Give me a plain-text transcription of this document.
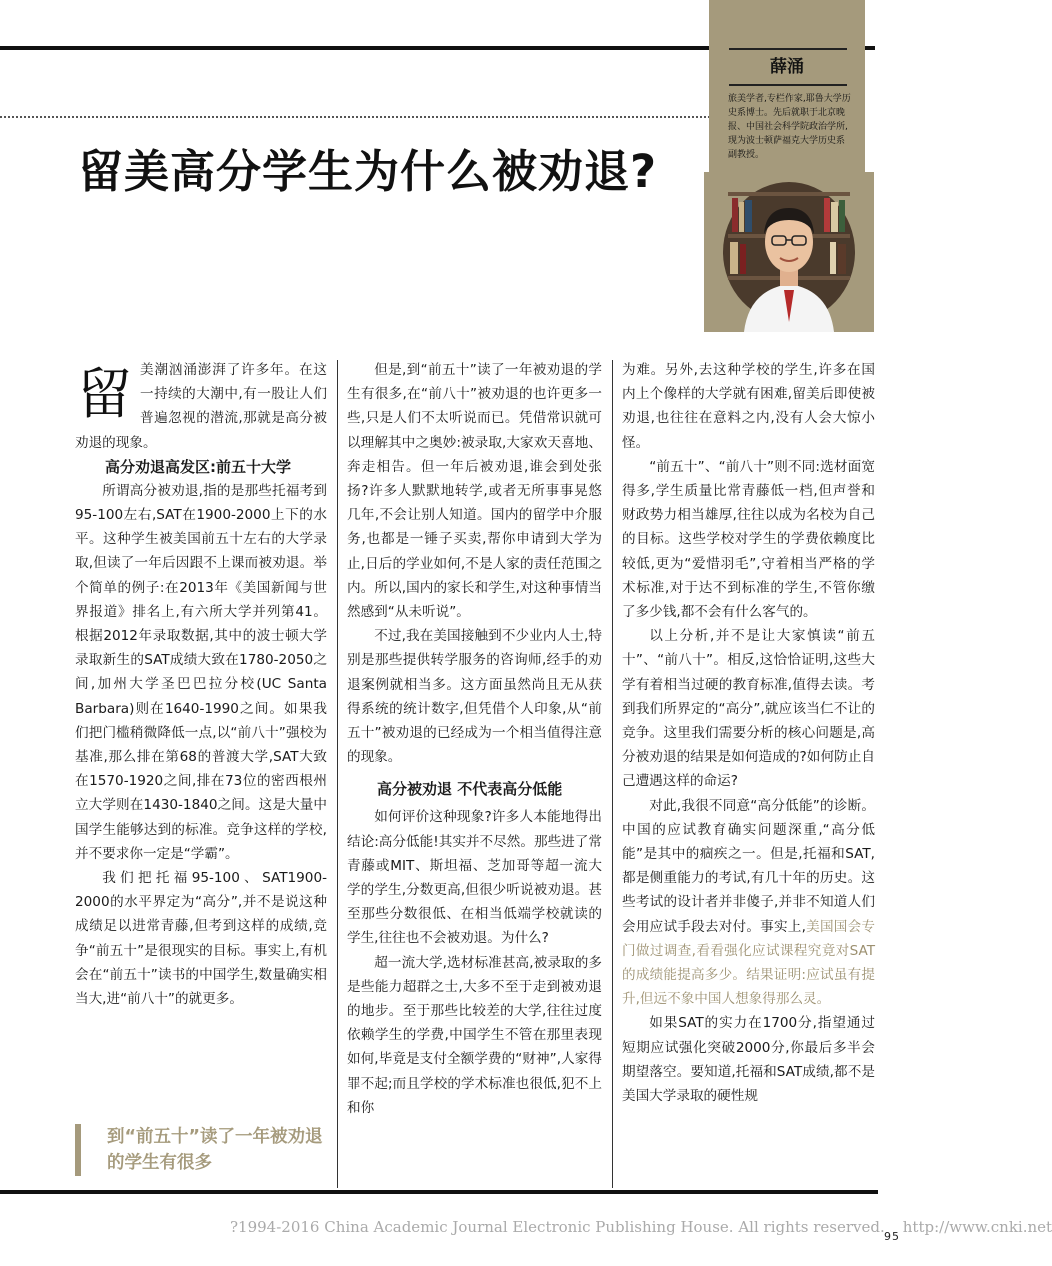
留美高分学生为什么被劝退?
薛涌
旅美学者,专栏作家,耶鲁大学历史系博士。先后就职于北京晚报、中国社会科学院政治学所,现为波士顿萨福克大学历史系副教授。

留美潮汹涌澎湃了许多年。在这一持续的大潮中,有一股让人们普遍忽视的潜流,那就是高分被劝退的现象。

高分劝退高发区:前五十大学

所谓高分被劝退,指的是那些托福考到95-100左右,SAT在1900-2000上下的水平。这种学生被美国前五十左右的大学录取,但读了一年后因跟不上课而被劝退。举个简单的例子:在2013年《美国新闻与世界报道》排名上,有六所大学并列第41。根据2012年录取数据,其中的波士顿大学录取新生的SAT成绩大致在1780-2050之间,加州大学圣巴巴拉分校(UC Santa Barbara)则在1640-1990之间。如果我们把门槛稍微降低一点,以“前八十”强校为基准,那么排在第68的普渡大学,SAT大致在1570-1920之间,排在73位的密西根州立大学则在1430-1840之间。这是大量中国学生能够达到的标准。竞争这样的学校,并不要求你一定是“学霸”。

我们把托福95-100、SAT1900-2000的水平界定为“高分”,并不是说这种成绩足以进常青藤,但考到这样的成绩,竞争“前五十”是很现实的目标。事实上,有机会在“前五十”读书的中国学生,数量确实相当大,进“前八十”的就更多。

到“前五十”读了一年被劝退的学生有很多

但是,到“前五十”读了一年被劝退的学生有很多,在“前八十”被劝退的也许更多一些,只是人们不太听说而已。凭借常识就可以理解其中之奥妙:被录取,大家欢天喜地、奔走相告。但一年后被劝退,谁会到处张扬?许多人默默地转学,或者无所事事晃悠几年,不会让别人知道。国内的留学中介服务,也都是一锤子买卖,帮你申请到大学为止,日后的学业如何,不是人家的责任范围之内。所以,国内的家长和学生,对这种事情当然感到“从未听说”。

不过,我在美国接触到不少业内人士,特别是那些提供转学服务的咨询师,经手的劝退案例就相当多。这方面虽然尚且无从获得系统的统计数字,但凭借个人印象,从“前五十”被劝退的已经成为一个相当值得注意的现象。

高分被劝退 不代表高分低能

如何评价这种现象?许多人本能地得出结论:高分低能!其实并不尽然。那些进了常青藤或MIT、斯坦福、芝加哥等超一流大学的学生,分数更高,但很少听说被劝退。甚至那些分数很低、在相当低端学校就读的学生,往往也不会被劝退。为什么?

超一流大学,选材标准甚高,被录取的多是些能力超群之士,大多不至于走到被劝退的地步。至于那些比较差的大学,往往过度依赖学生的学费,中国学生不管在那里表现如何,毕竟是支付全额学费的“财神”,人家得罪不起;而且学校的学术标准也很低,犯不上和你

为难。另外,去这种学校的学生,许多在国内上个像样的大学就有困难,留美后即使被劝退,也往往在意料之内,没有人会大惊小怪。

“前五十”、“前八十”则不同:选材面宽得多,学生质量比常青藤低一档,但声誉和财政势力相当雄厚,往往以成为名校为自己的目标。这些学校对学生的学费依赖度比较低,更为“爱惜羽毛”,守着相当严格的学术标准,对于达不到标准的学生,不管你缴了多少钱,都不会有什么客气的。

以上分析,并不是让大家慎读“前五十”、“前八十”。相反,这恰恰证明,这些大学有着相当过硬的教育标准,值得去读。考到我们所界定的“高分”,就应该当仁不让的竞争。这里我们需要分析的核心问题是,高分被劝退的结果是如何造成的?如何防止自己遭遇这样的命运?

对此,我很不同意“高分低能”的诊断。中国的应试教育确实问题深重,“高分低能”是其中的痼疾之一。但是,托福和SAT,都是侧重能力的考试,有几十年的历史。这些考试的设计者并非傻子,并非不知道人们会用应试手段去对付。事实上,美国国会专门做过调查,看看强化应试课程究竟对SAT的成绩能提高多少。结果证明:应试虽有提升,但远不象中国人想象得那么灵。

如果SAT的实力在1700分,指望通过短期应试强化突破2000分,你最后多半会期望落空。要知道,托福和SAT成绩,都不是美国大学录取的硬性规

?1994-2016 China Academic Journal Electronic Publishing House. All rights reserved. http://www.cnki.net
95
